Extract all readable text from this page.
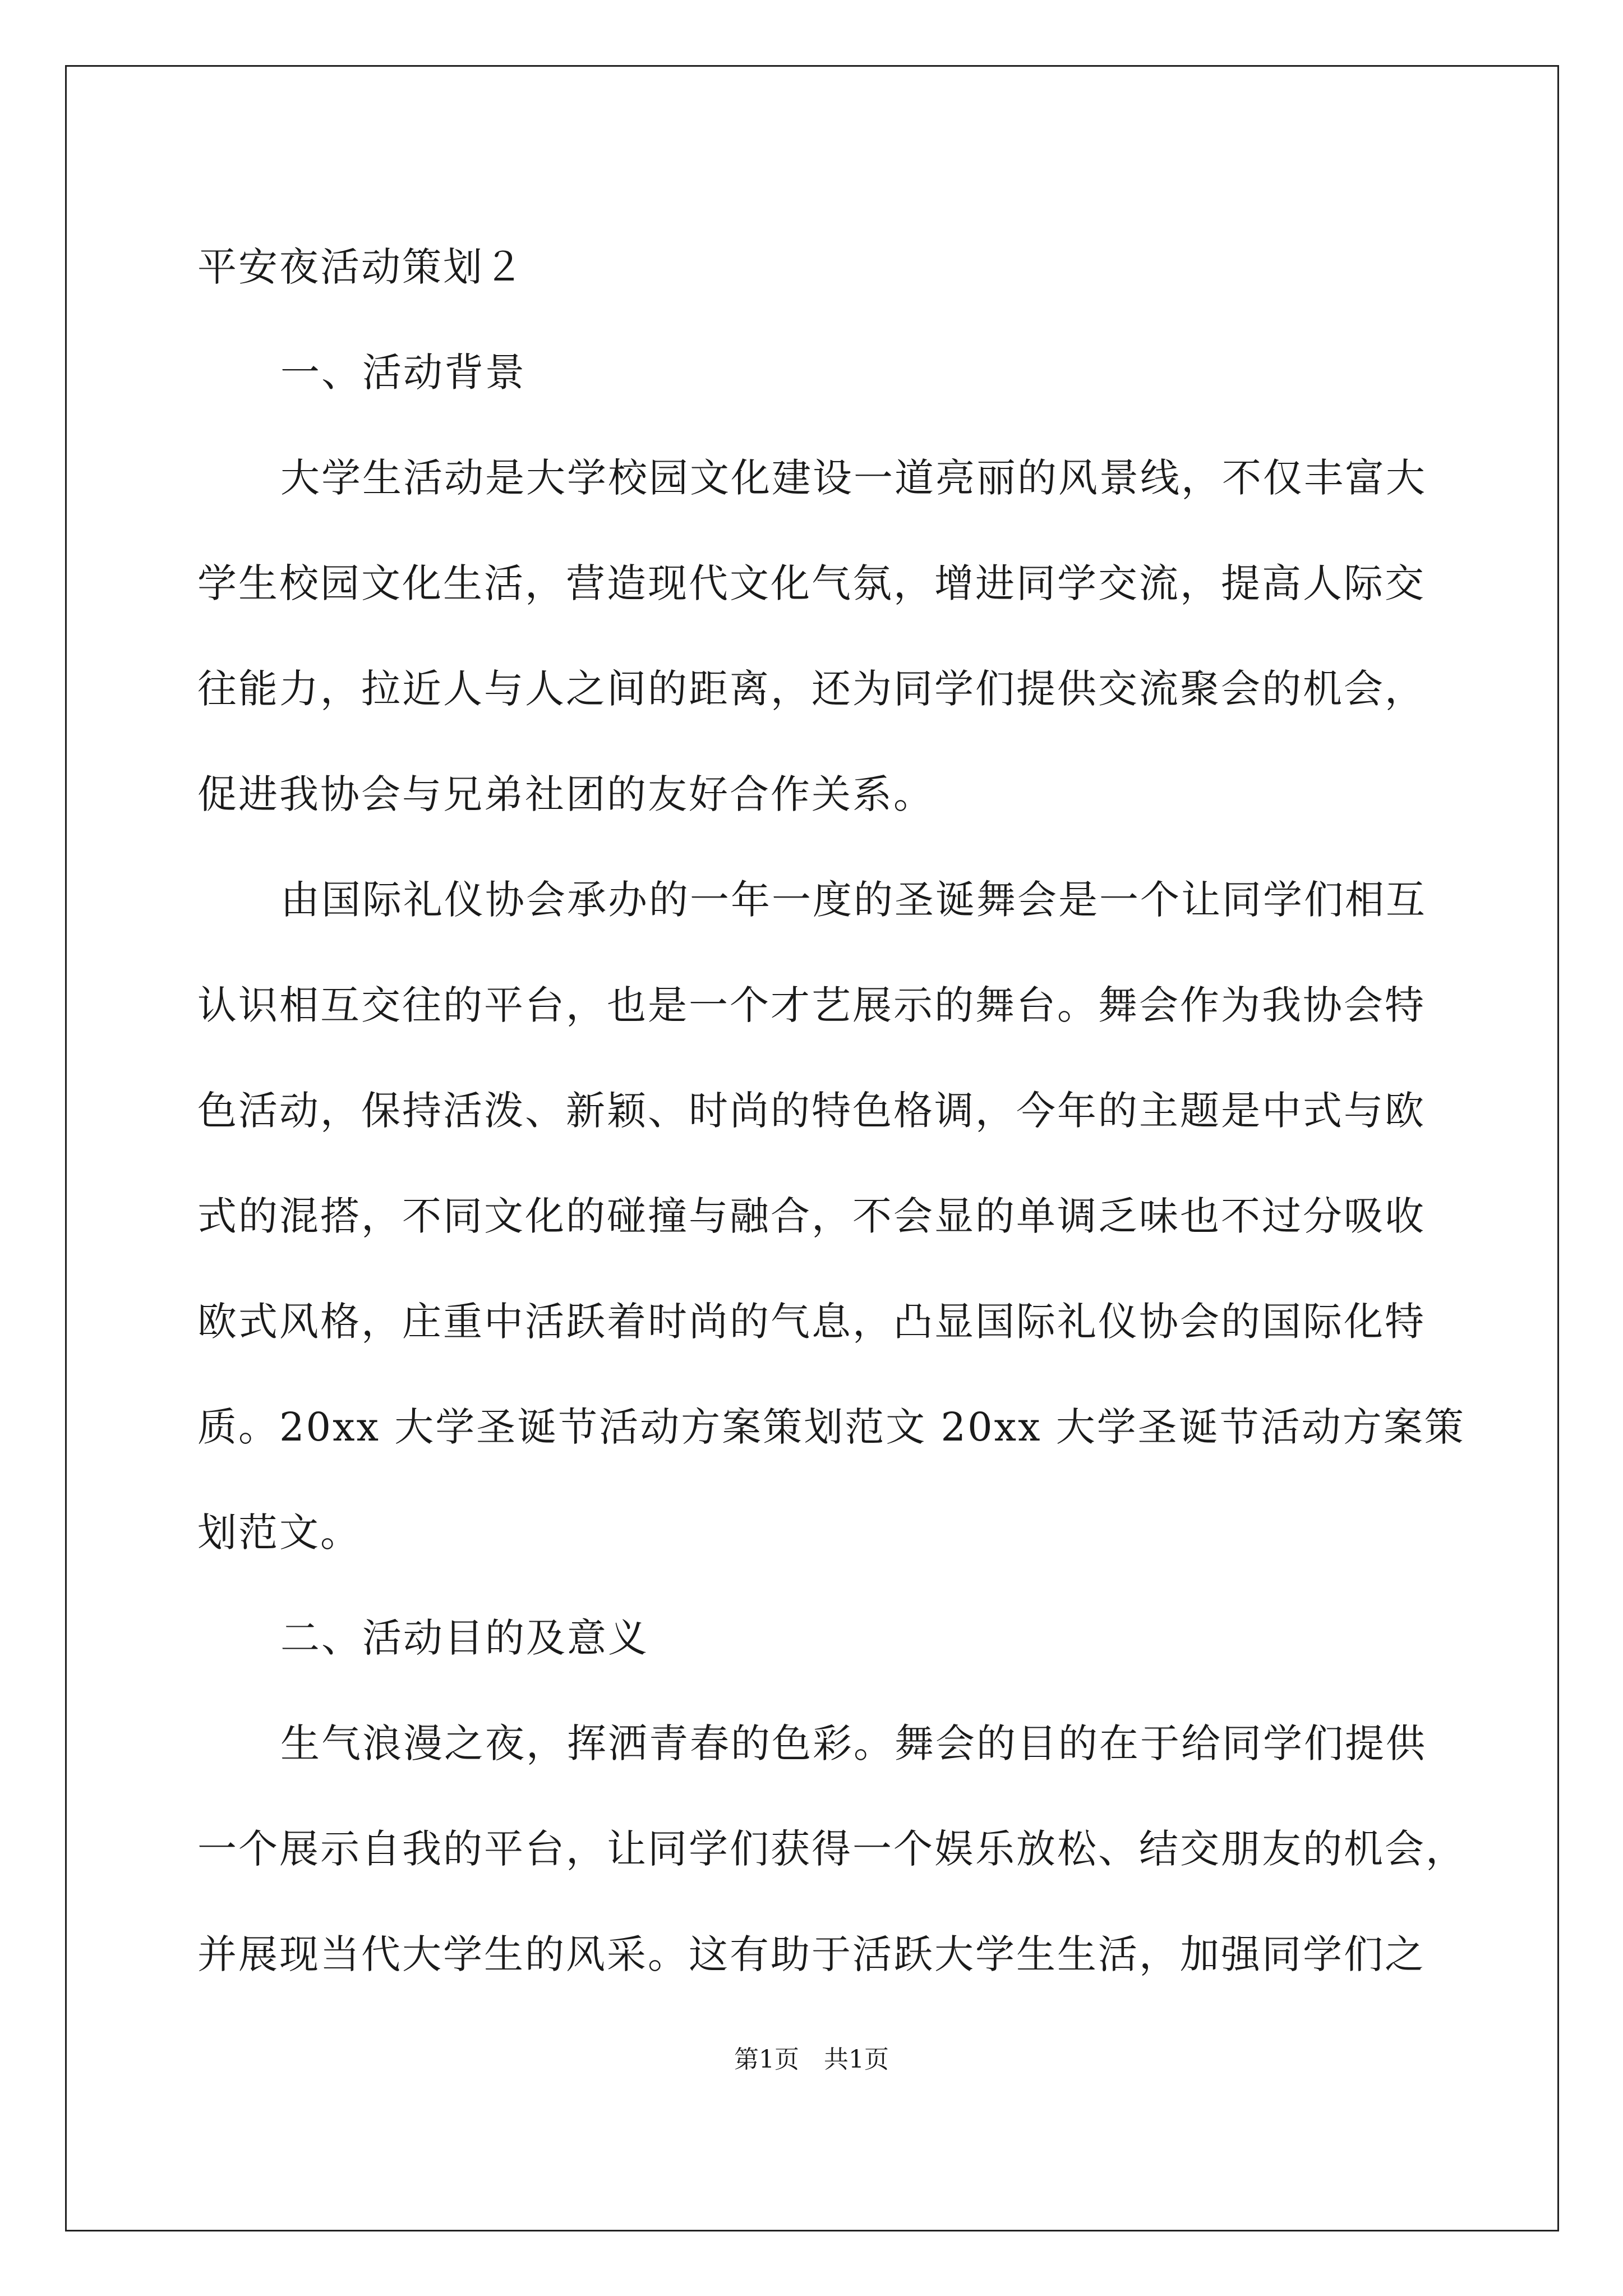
平安夜活动策划２
一、活动背景
大学生活动是大学校园文化建设一道亮丽的风景线，不仅丰富大
学生校园文化生活，营造现代文化气氛，增进同学交流，提高人际交
往能力，拉近人与人之间的距离，还为同学们提供交流聚会的机会，
促进我协会与兄弟社团的友好合作关系。
由国际礼仪协会承办的一年一度的圣诞舞会是一个让同学们相互
认识相互交往的平台，也是一个才艺展示的舞台。舞会作为我协会特
色活动，保持活泼、新颖、时尚的特色格调，今年的主题是中式与欧
式的混搭，不同文化的碰撞与融合，不会显的单调乏味也不过分吸收
欧式风格，庄重中活跃着时尚的气息，凸显国际礼仪协会的国际化特
质。20xx 大学圣诞节活动方案策划范文 20xx 大学圣诞节活动方案策
划范文。
二、活动目的及意义
生气浪漫之夜，挥洒青春的色彩。舞会的目的在于给同学们提供
一个展示自我的平台，让同学们获得一个娱乐放松、结交朋友的机会，
并展现当代大学生的风采。这有助于活跃大学生生活，加强同学们之
第1页 共1页
